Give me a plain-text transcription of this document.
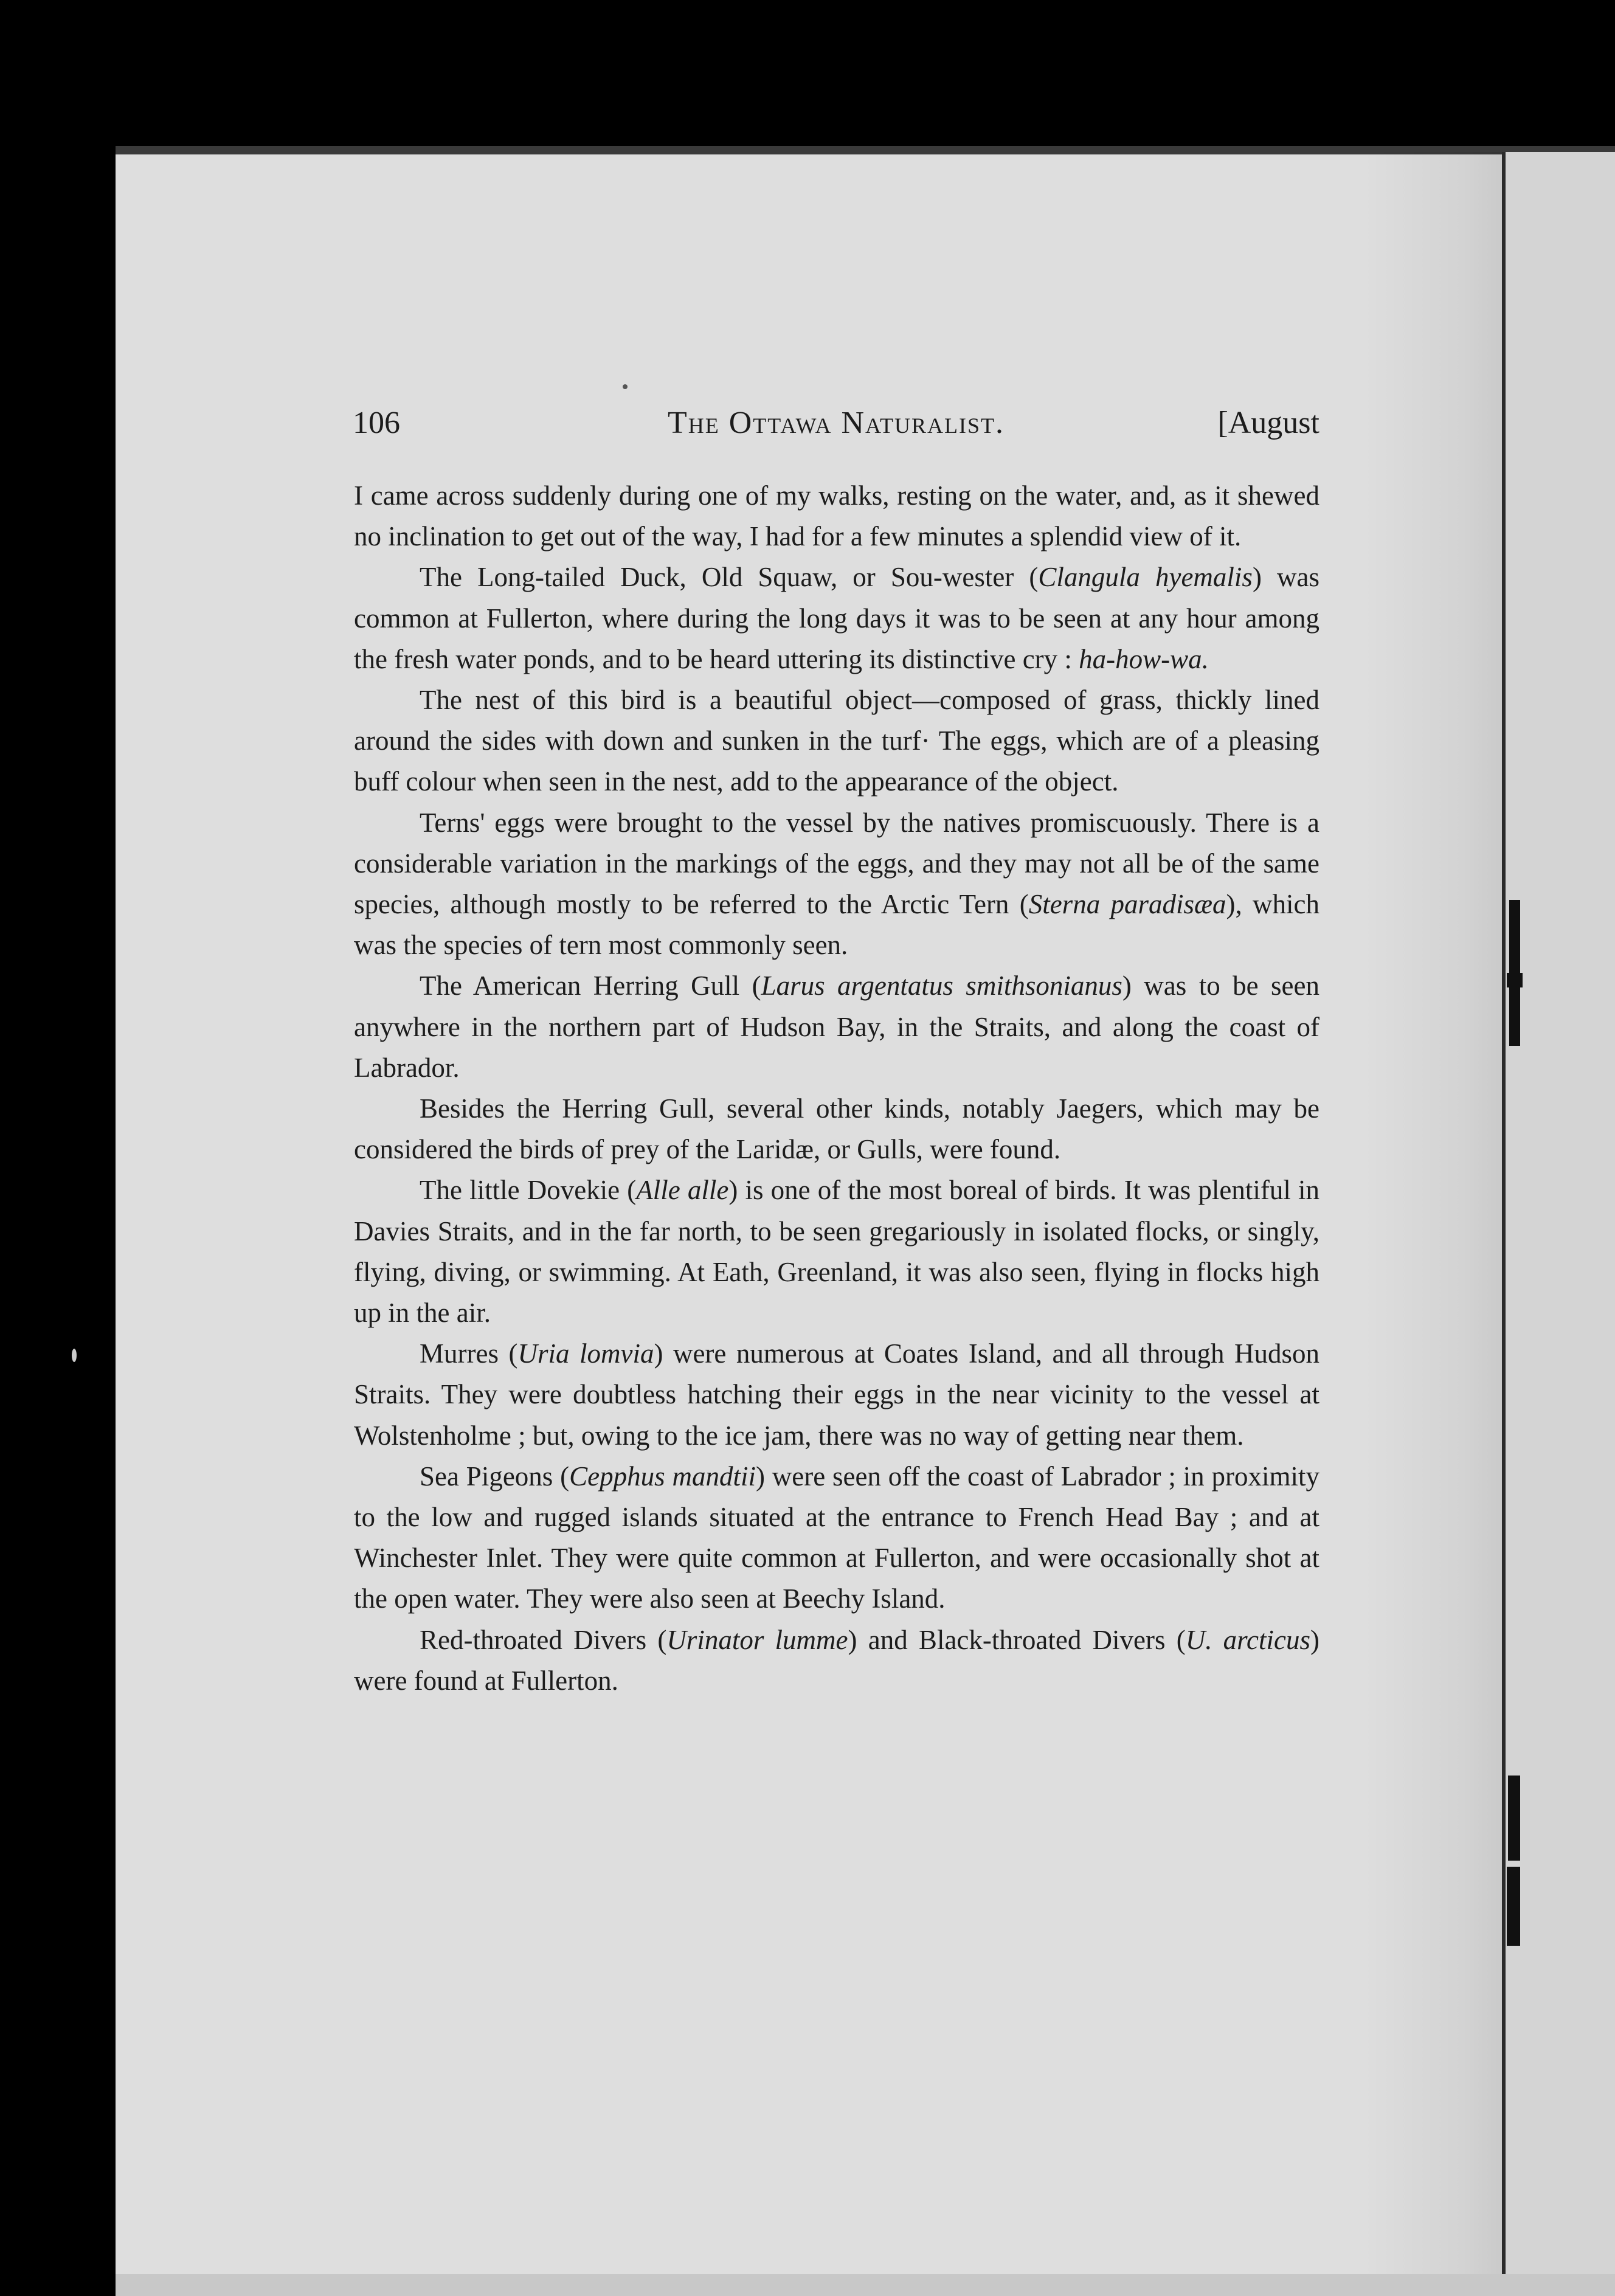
106	The Ottawa Naturalist.	[August

I came across suddenly during one of my walks, resting on the water, and, as it shewed no inclination to get out of the way, I had for a few minutes a splendid view of it.

The Long-tailed Duck, Old Squaw, or Sou-wester (Clangula hyemalis) was common at Fullerton, where during the long days it was to be seen at any hour among the fresh water ponds, and to be heard uttering its distinctive cry : ha-how-wa.

The nest of this bird is a beautiful object—composed of grass, thickly lined around the sides with down and sunken in the turf· The eggs, which are of a pleasing buff colour when seen in the nest, add to the appearance of the object.

Terns' eggs were brought to the vessel by the natives promiscuously. There is a considerable variation in the markings of the eggs, and they may not all be of the same species, although mostly to be referred to the Arctic Tern (Sterna paradisæa), which was the species of tern most commonly seen.

The American Herring Gull (Larus argentatus smithsonianus) was to be seen anywhere in the northern part of Hudson Bay, in the Straits, and along the coast of Labrador.

Besides the Herring Gull, several other kinds, notably Jaegers, which may be considered the birds of prey of the Laridæ, or Gulls, were found.

The little Dovekie (Alle alle) is one of the most boreal of birds. It was plentiful in Davies Straits, and in the far north, to be seen gregariously in isolated flocks, or singly, flying, diving, or swimming. At Eath, Greenland, it was also seen, flying in flocks high up in the air.

Murres (Uria lomvia) were numerous at Coates Island, and all through Hudson Straits. They were doubtless hatching their eggs in the near vicinity to the vessel at Wolstenholme ; but, owing to the ice jam, there was no way of getting near them.

Sea Pigeons (Cepphus mandtii) were seen off the coast of Labrador ; in proximity to the low and rugged islands situated at the entrance to French Head Bay ; and at Winchester Inlet. They were quite common at Fullerton, and were occasionally shot at the open water. They were also seen at Beechy Island.

Red-throated Divers (Urinator lumme) and Black-throated Divers (U. arcticus) were found at Fullerton.
